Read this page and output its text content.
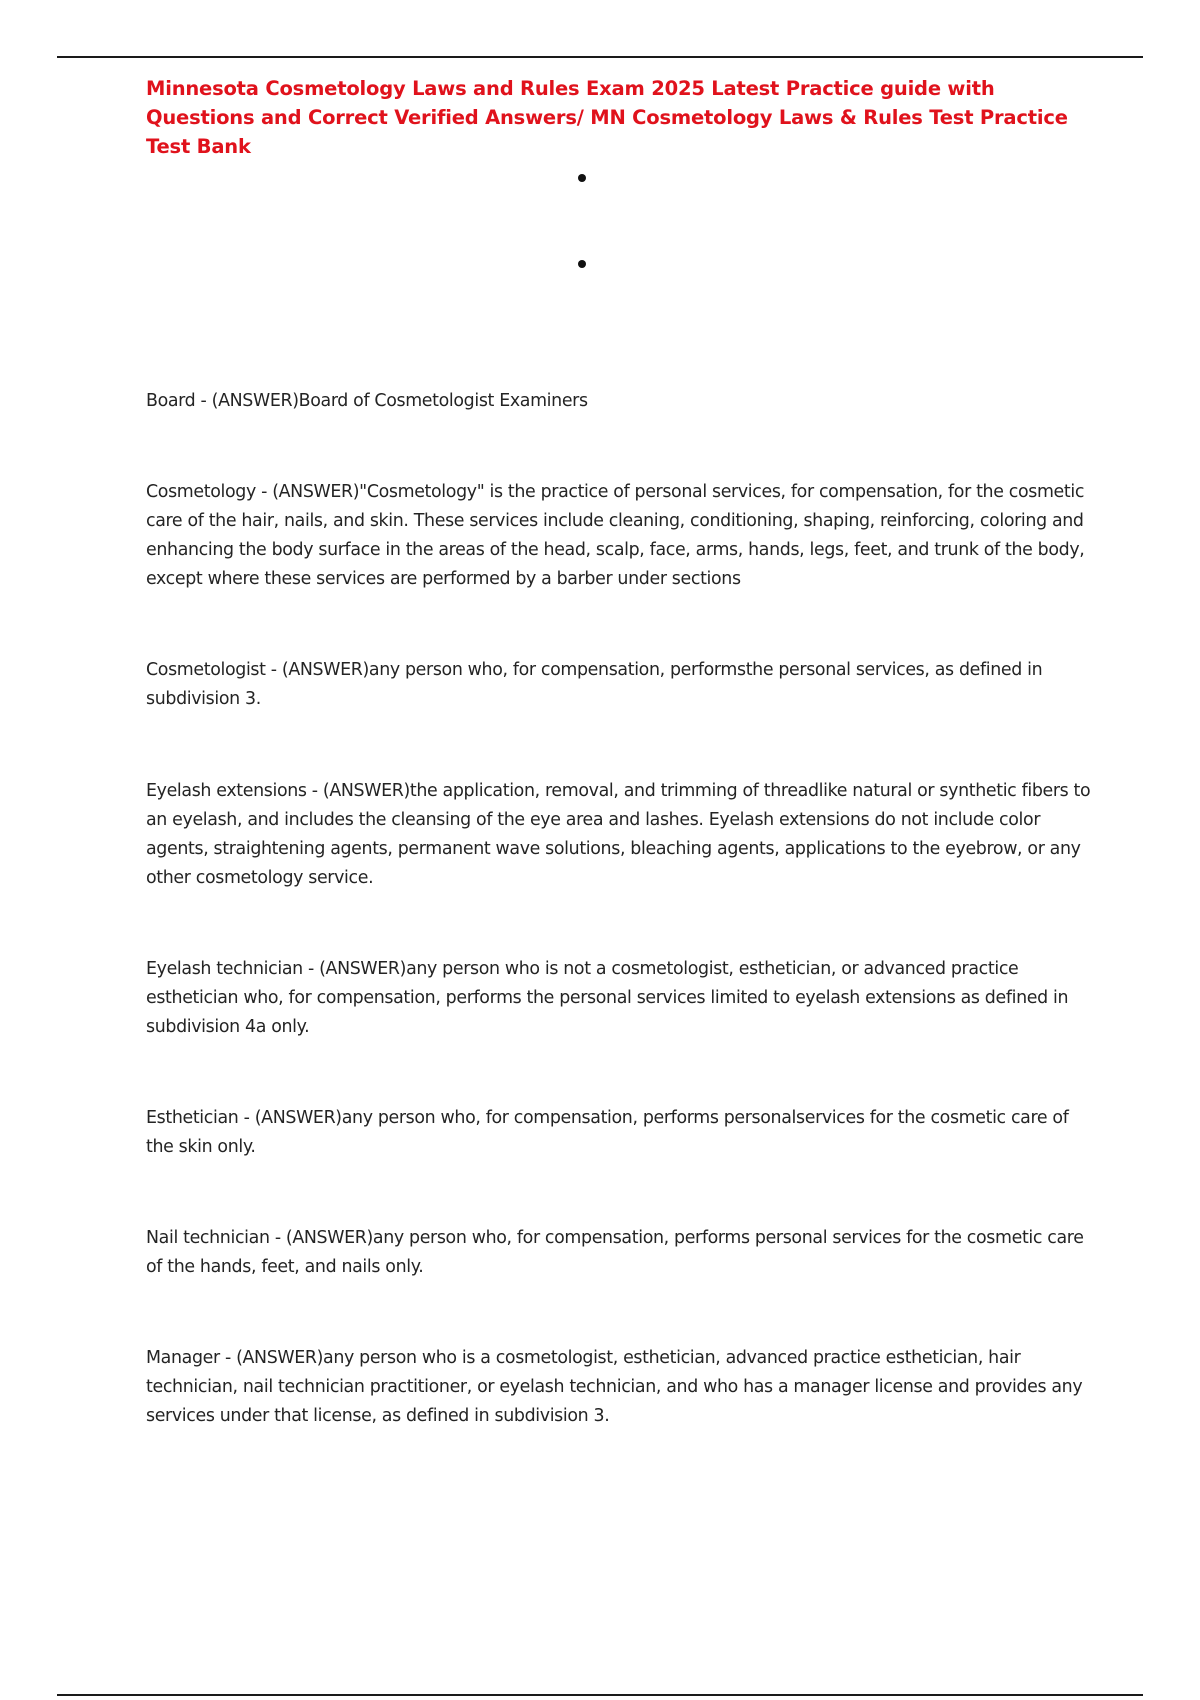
Minnesota Cosmetology Laws and Rules Exam 2025 Latest Practice guide with Questions and Correct Verified Answers/ MN Cosmetology Laws & Rules Test Practice Test Bank

Board - (ANSWER)Board of Cosmetologist Examiners

Cosmetology - (ANSWER)"Cosmetology" is the practice of personal services, for compensation, for the cosmetic care of the hair, nails, and skin. These services include cleaning, conditioning, shaping, reinforcing, coloring and enhancing the body surface in the areas of the head, scalp, face, arms, hands, legs, feet, and trunk of the body, except where these services are performed by a barber under sections

Cosmetologist - (ANSWER)any person who, for compensation, performsthe personal services, as defined in subdivision 3.

Eyelash extensions - (ANSWER)the application, removal, and trimming of threadlike natural or synthetic fibers to an eyelash, and includes the cleansing of the eye area and lashes. Eyelash extensions do not include color agents, straightening agents, permanent wave solutions, bleaching agents, applications to the eyebrow, or any other cosmetology service.

Eyelash technician - (ANSWER)any person who is not a cosmetologist, esthetician, or advanced practice esthetician who, for compensation, performs the personal services limited to eyelash extensions as defined in subdivision 4a only.

Esthetician - (ANSWER)any person who, for compensation, performs personalservices for the cosmetic care of the skin only.

Nail technician - (ANSWER)any person who, for compensation, performs personal services for the cosmetic care of the hands, feet, and nails only.

Manager - (ANSWER)any person who is a cosmetologist, esthetician, advanced practice esthetician, hair technician, nail technician practitioner, or eyelash technician, and who has a manager license and provides any services under that license, as defined in subdivision 3.
